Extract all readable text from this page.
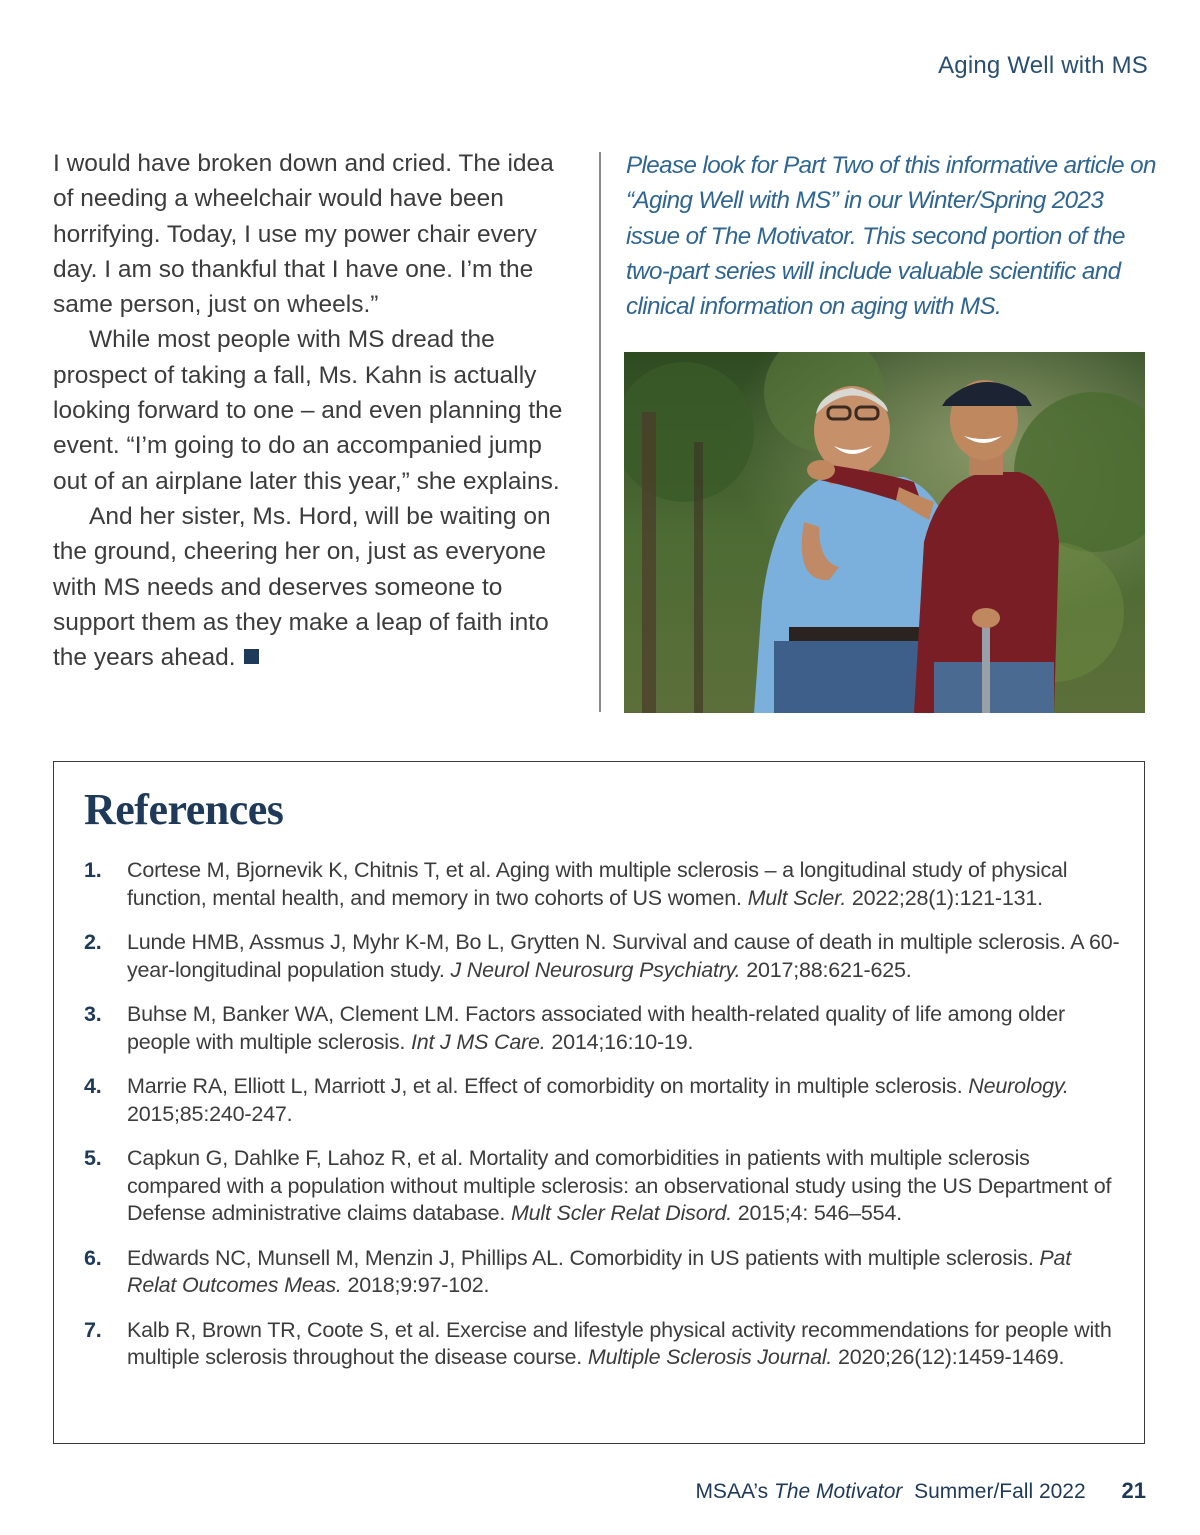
Aging Well with MS

I would have broken down and cried. The idea of needing a wheelchair would have been horrifying. Today, I use my power chair every day. I am so thankful that I have one. I’m the same person, just on wheels.”

While most people with MS dread the prospect of taking a fall, Ms. Kahn is actually looking forward to one – and even planning the event. “I’m going to do an accompanied jump out of an airplane later this year,” she explains.

And her sister, Ms. Hord, will be waiting on the ground, cheering her on, just as everyone with MS needs and deserves someone to support them as they make a leap of faith into the years ahead.

Please look for Part Two of this informative article on “Aging Well with MS” in our Winter/Spring 2023 issue of The Motivator. This second portion of the two-part series will include valuable scientific and clinical information on aging with MS.
References
1 . Cortese M, Bjornevik K, Chitnis T, et al. Aging with multiple sclerosis – a longitudinal study of physical function, mental health, and memory in two cohorts of US women. Mult Scler. 2022;28(1):121-131.
2 . Lunde HMB, Assmus J, Myhr K-M, Bo L, Grytten N. Survival and cause of death in multiple sclerosis. A 60-year-longitudinal population study. J Neurol Neurosurg Psychiatry. 2017;88:621-625.
3 . Buhse M, Banker WA, Clement LM. Factors associated with health-related quality of life among older people with multiple sclerosis. Int J MS Care. 2014;16:10-19.
4 . Marrie RA, Elliott L, Marriott J, et al. Effect of comorbidity on mortality in multiple sclerosis. Neurology. 2015;85:240-247.
5 . Capkun G, Dahlke F, Lahoz R, et al. Mortality and comorbidities in patients with multiple sclerosis compared with a population without multiple sclerosis: an observational study using the US Department of Defense administrative claims database. Mult Scler Relat Disord. 2015;4: 546–554.
6 . Edwards NC, Munsell M, Menzin J, Phillips AL. Comorbidity in US patients with multiple sclerosis. Pat Relat Outcomes Meas. 2018;9:97-102.
7 . Kalb R, Brown TR, Coote S, et al. Exercise and lifestyle physical activity recommendations for people with multiple sclerosis throughout the disease course. Multiple Sclerosis Journal. 2020;26(12):1459-1469.
MSAA’s The Motivator Summer/Fall 2022 21
